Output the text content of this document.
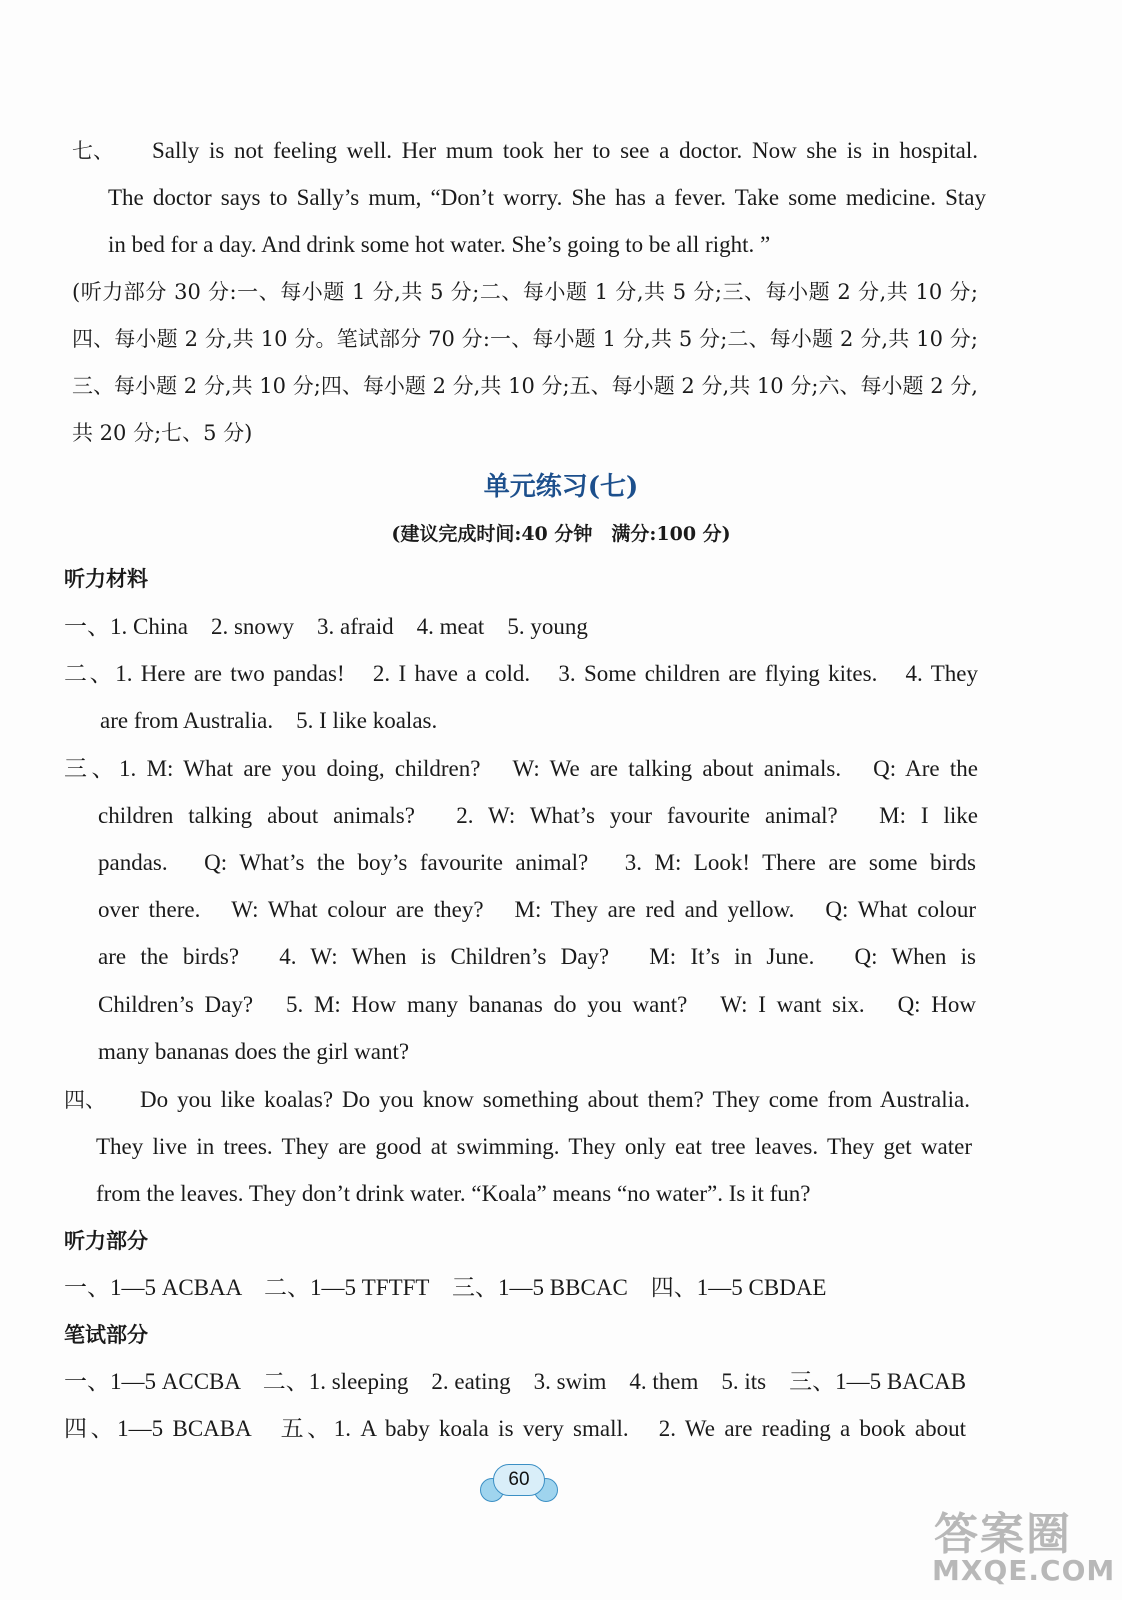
七、	Sally is not feeling well. Her mum took her to see a doctor. Now she is in hospital.
The doctor says to Sally’s mum, “Don’t worry. She has a fever. Take some medicine. Stay
in bed for a day. And drink some hot water. She’s going to be all right. ”
(听力部分 30 分:一、每小题 1 分,共 5 分;二、每小题 1 分,共 5 分;三、每小题 2 分,共 10 分;
四、每小题 2 分,共 10 分。笔试部分 70 分:一、每小题 1 分,共 5 分;二、每小题 2 分,共 10 分;
三、每小题 2 分,共 10 分;四、每小题 2 分,共 10 分;五、每小题 2 分,共 10 分;六、每小题 2 分,
共 20 分;七、5 分)
单元练习(七)
(建议完成时间:40 分钟　满分:100 分)
听力材料
一、1. China　2. snowy　3. afraid　4. meat　5. young
二、1. Here are two pandas!　2. I have a cold.　3. Some children are flying kites.　4. They
are from Australia.　5. I like koalas.
三、1. M: What are you doing, children?　W: We are talking about animals.　Q: Are the
children talking about animals?　2. W: What’s your favourite animal?　M: I like
pandas.　Q: What’s the boy’s favourite animal?　3. M: Look! There are some birds
over there.　W: What colour are they?　M: They are red and yellow.　Q: What colour
are the birds?　4. W: When is Children’s Day?　M: It’s in June.　Q: When is
Children’s Day?　5. M: How many bananas do you want?　W: I want six.　Q: How
many bananas does the girl want?
四、	Do you like koalas? Do you know something about them? They come from Australia.
They live in trees. They are good at swimming. They only eat tree leaves. They get water
from the leaves. They don’t drink water. “Koala” means “no water”. Is it fun?
听力部分
一、1—5 ACBAA　二、1—5 TFTFT　三、1—5 BBCAC　四、1—5 CBDAE
笔试部分
一、1—5 ACCBA　二、1. sleeping　2. eating　3. swim　4. them　5. its　三、1—5 BACAB
四、1—5 BCABA　五、1. A baby koala is very small.　2. We are reading a book about
60
答案圈
MXQE.COM
